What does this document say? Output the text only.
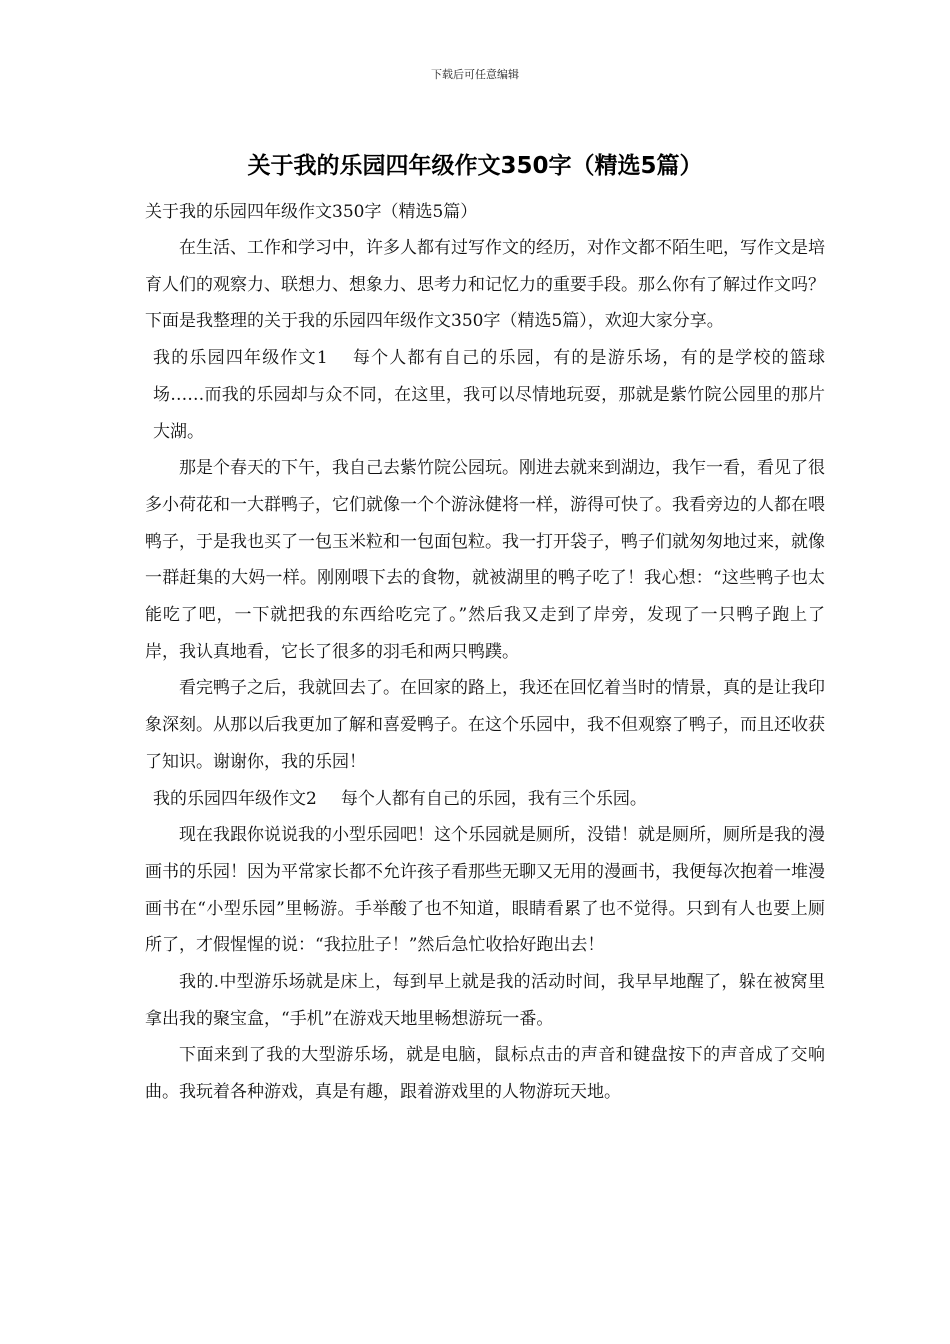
下载后可任意编辑
关于我的乐园四年级作文350字（精选5篇）

关于我的乐园四年级作文350字（精选5篇）

在生活、工作和学习中，许多人都有过写作文的经历，对作文都不陌生吧，写作文是培育人们的观察力、联想力、想象力、思考力和记忆力的重要手段。那么你有了解过作文吗？下面是我整理的关于我的乐园四年级作文350字（精选5篇），欢迎大家分享。

我的乐园四年级作文1 每个人都有自己的乐园，有的是游乐场，有的是学校的篮球场……而我的乐园却与众不同，在这里，我可以尽情地玩耍，那就是紫竹院公园里的那片大湖。

那是个春天的下午，我自己去紫竹院公园玩。刚进去就来到湖边，我乍一看，看见了很多小荷花和一大群鸭子，它们就像一个个游泳健将一样，游得可快了。我看旁边的人都在喂鸭子，于是我也买了一包玉米粒和一包面包粒。我一打开袋子，鸭子们就匆匆地过来，就像一群赶集的大妈一样。刚刚喂下去的食物，就被湖里的鸭子吃了！我心想：“这些鸭子也太能吃了吧，一下就把我的东西给吃完了。”然后我又走到了岸旁，发现了一只鸭子跑上了岸，我认真地看，它长了很多的羽毛和两只鸭蹼。

看完鸭子之后，我就回去了。在回家的路上，我还在回忆着当时的情景，真的是让我印象深刻。从那以后我更加了解和喜爱鸭子。在这个乐园中，我不但观察了鸭子，而且还收获了知识。谢谢你，我的乐园！

我的乐园四年级作文2 每个人都有自己的乐园，我有三个乐园。

现在我跟你说说我的小型乐园吧！这个乐园就是厕所，没错！就是厕所，厕所是我的漫画书的乐园！因为平常家长都不允许孩子看那些无聊又无用的漫画书，我便每次抱着一堆漫画书在“小型乐园”里畅游。手举酸了也不知道，眼睛看累了也不觉得。只到有人也要上厕所了，才假惺惺的说：“我拉肚子！”然后急忙收拾好跑出去！

我的.中型游乐场就是床上，每到早上就是我的活动时间，我早早地醒了，躲在被窝里拿出我的聚宝盒，“手机”在游戏天地里畅想游玩一番。

下面来到了我的大型游乐场，就是电脑，鼠标点击的声音和键盘按下的声音成了交响曲。我玩着各种游戏，真是有趣，跟着游戏里的人物游玩天地。
